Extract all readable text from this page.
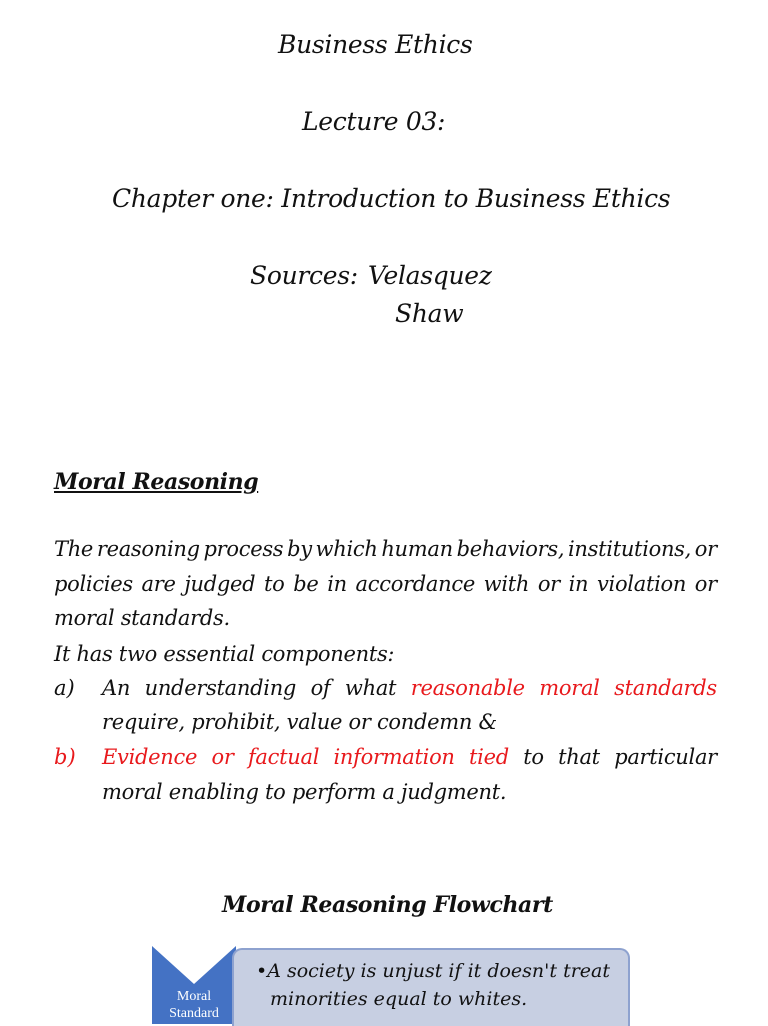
Business Ethics
Lecture 03:
Chapter one: Introduction to Business Ethics
Sources: Velasquez
Shaw
Moral Reasoning
The reasoning process by which human behaviors, institutions, or
policies are judged to be in accordance with or in violation or
moral standards.
It has two essential components:
a) An understanding of what reasonable moral standards
require, prohibit, value or condemn &
b) Evidence or factual information tied to that particular
moral enabling to perform a judgment.
Moral Reasoning Flowchart
Moral
Standard
•A society is unjust if it doesn't treat
minorities equal to whites.
